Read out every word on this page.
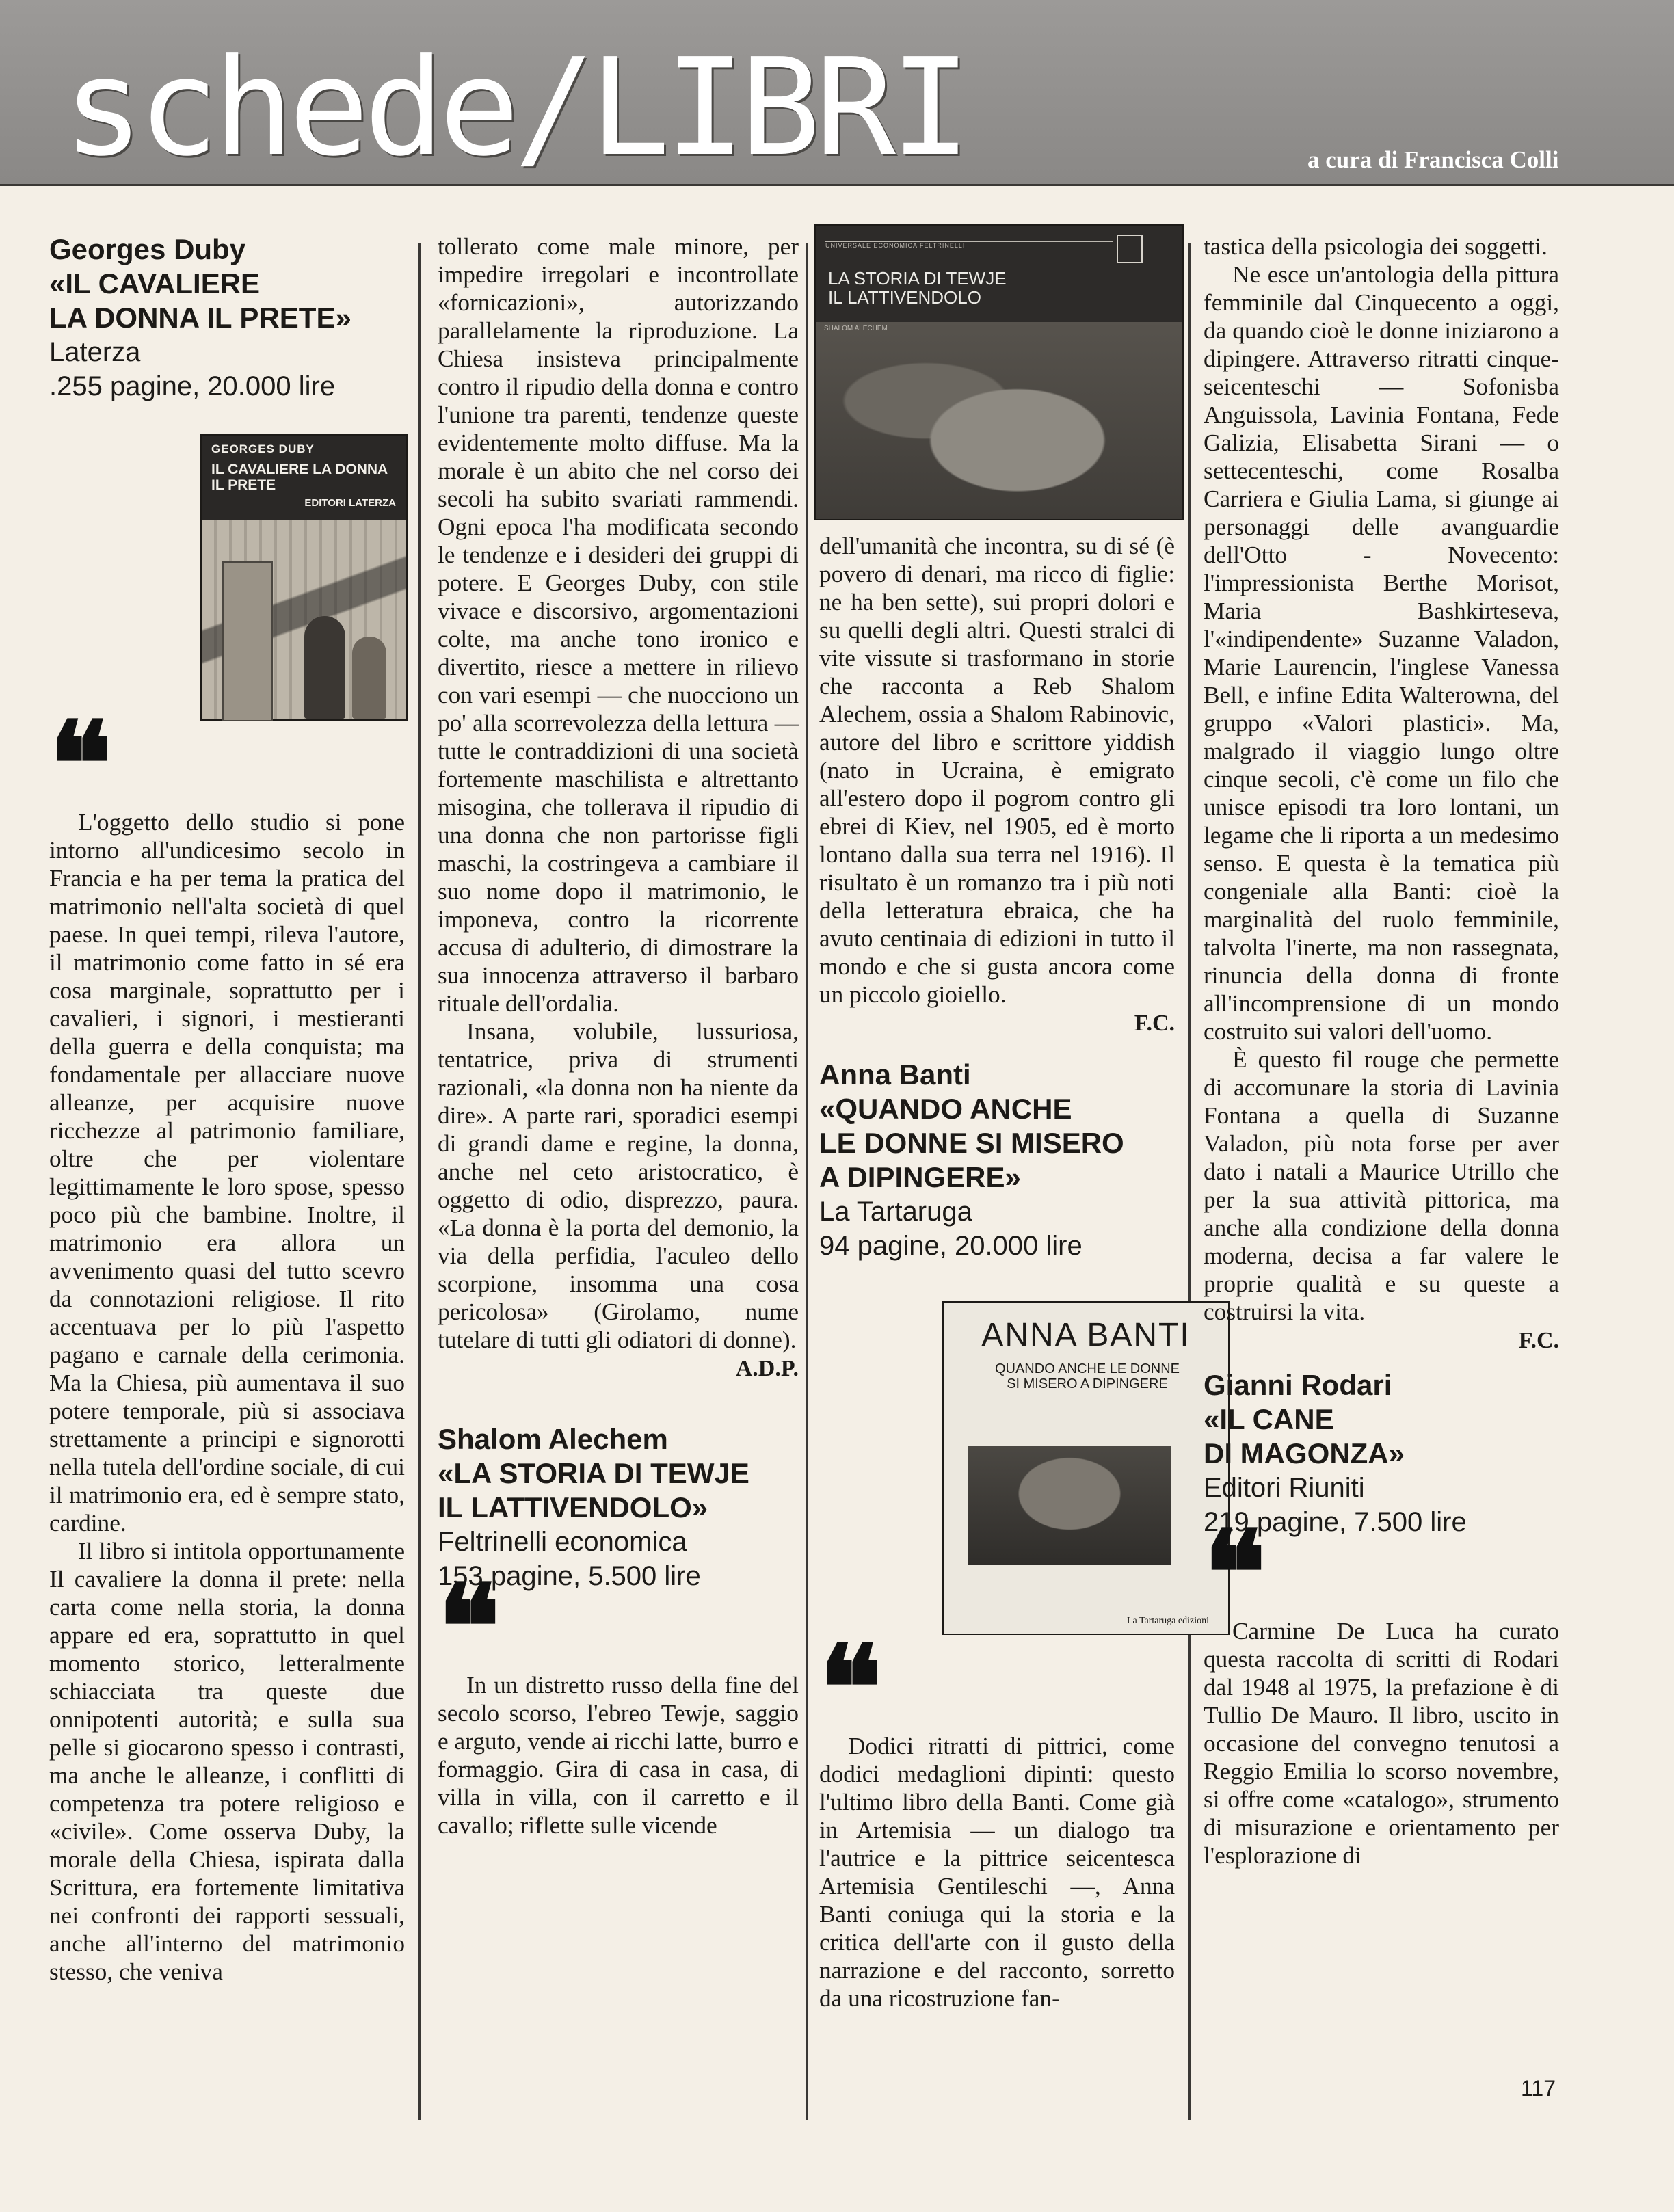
schede/LIBRI	a cura di Francisca Colli
Georges Duby
«IL CAVALIERE
LA DONNA IL PRETE»
Laterza
.255 pagine, 20.000 lire
GEORGES DUBY
IL CAVALIERE LA DONNA
IL PRETE
EDITORI LATERZA
❝

L'oggetto dello studio si pone intorno all'undicesimo secolo in Francia e ha per tema la pratica del matrimonio nell'alta società di quel paese. In quei tempi, rileva l'autore, il matrimonio come fatto in sé era cosa marginale, soprattutto per i cavalieri, i signori, i mestieranti della guerra e della conquista; ma fondamentale per allacciare nuove alleanze, per acquisire nuove ricchezze al patrimonio familiare, oltre che per violentare legittimamente le loro spose, spesso poco più che bambine. Inoltre, il matrimonio era allora un avvenimento quasi del tutto scevro da connotazioni religiose. Il rito accentuava per lo più l'aspetto pagano e carnale della cerimonia. Ma la Chiesa, più aumentava il suo potere temporale, più si associava strettamente a principi e signorotti nella tutela dell'ordine sociale, di cui il matrimonio era, ed è sempre stato, cardine.

Il libro si intitola opportunamente Il cavaliere la donna il prete: nella carta come nella storia, la donna appare ed era, soprattutto in quel momento storico, letteralmente schiacciata tra queste due onnipotenti autorità; e sulla sua pelle si giocarono spesso i contrasti, ma anche le alleanze, i conflitti di competenza tra potere religioso e «civile». Come osserva Duby, la morale della Chiesa, ispirata dalla Scrittura, era fortemente limitativa nei confronti dei rapporti sessuali, anche all'interno del matrimonio stesso, che veniva

tollerato come male minore, per impedire irregolari e incontrollate «fornicazioni», autorizzando parallelamente la riproduzione. La Chiesa insisteva principalmente contro il ripudio della donna e contro l'unione tra parenti, tendenze queste evidentemente molto diffuse. Ma la morale è un abito che nel corso dei secoli ha subito svariati rammendi. Ogni epoca l'ha modificata secondo le tendenze e i desideri dei gruppi di potere. E Georges Duby, con stile vivace e discorsivo, argomentazioni colte, ma anche tono ironico e divertito, riesce a mettere in rilievo con vari esempi — che nuocciono un po' alla scorrevolezza della lettura — tutte le contraddizioni di una società fortemente maschilista e altrettanto misogina, che tollerava il ripudio di una donna che non partorisse figli maschi, la costringeva a cambiare il suo nome dopo il matrimonio, le imponeva, contro la ricorrente accusa di adulterio, di dimostrare la sua innocenza attraverso il barbaro rituale dell'ordalia.

Insana, volubile, lussuriosa, tentatrice, priva di strumenti razionali, «la donna non ha niente da dire». A parte rari, sporadici esempi di grandi dame e regine, la donna, anche nel ceto aristocratico, è oggetto di odio, disprezzo, paura. «La donna è la porta del demonio, la via della perfidia, l'aculeo dello scorpione, insomma una cosa pericolosa» (Girolamo, nume tutelare di tutti gli odiatori di donne).

A.D.P.
Shalom Alechem
«LA STORIA DI TEWJE
IL LATTIVENDOLO»
Feltrinelli economica
153 pagine, 5.500 lire
❝

In un distretto russo della fine del secolo scorso, l'ebreo Tewje, saggio e arguto, vende ai ricchi latte, burro e formaggio. Gira di casa in casa, di villa in villa, con il carretto e il cavallo; riflette sulle vicende

UNIVERSALE ECONOMICA FELTRINELLI
LA STORIA DI TEWJE
IL LATTIVENDOLO
SHALOM ALECHEM

dell'umanità che incontra, su di sé (è povero di denari, ma ricco di figlie: ne ha ben sette), sui propri dolori e su quelli degli altri. Questi stralci di vite vissute si trasformano in storie che racconta a Reb Shalom Alechem, ossia a Shalom Rabinovic, autore del libro e scrittore yiddish (nato in Ucraina, è emigrato all'estero dopo il pogrom contro gli ebrei di Kiev, nel 1905, ed è morto lontano dalla sua terra nel 1916). Il risultato è un romanzo tra i più noti della letteratura ebraica, che ha avuto centinaia di edizioni in tutto il mondo e che si gusta ancora come un piccolo gioiello.

F.C.
Anna Banti
«QUANDO ANCHE
LE DONNE SI MISERO
A DIPINGERE»
La Tartaruga
94 pagine, 20.000 lire
ANNA BANTI
QUANDO ANCHE LE DONNE
SI MISERO A DIPINGERE
La Tartaruga edizioni
❝

Dodici ritratti di pittrici, come dodici medaglioni dipinti: questo l'ultimo libro della Banti. Come già in Artemisia — un dialogo tra l'autrice e la pittrice seicentesca Artemisia Gentileschi —, Anna Banti coniuga qui la storia e la critica dell'arte con il gusto della narrazione e del racconto, sorretto da una ricostruzione fan-

tastica della psicologia dei soggetti.

Ne esce un'antologia della pittura femminile dal Cinquecento a oggi, da quando cioè le donne iniziarono a dipingere. Attraverso ritratti cinque-seicenteschi — Sofonisba Anguissola, Lavinia Fontana, Fede Galizia, Elisabetta Sirani — o settecenteschi, come Rosalba Carriera e Giulia Lama, si giunge ai personaggi delle avanguardie dell'Otto - Novecento: l'impressionista Berthe Morisot, Maria Bashkirteseva, l'«indipendente» Suzanne Valadon, Marie Laurencin, l'inglese Vanessa Bell, e infine Edita Walterowna, del gruppo «Valori plastici». Ma, malgrado il viaggio lungo oltre cinque secoli, c'è come un filo che unisce episodi tra loro lontani, un legame che li riporta a un medesimo senso. E questa è la tematica più congeniale alla Banti: cioè la marginalità del ruolo femminile, talvolta l'inerte, ma non rassegnata, rinuncia della donna di fronte all'incomprensione di un mondo costruito sui valori dell'uomo.

È questo fil rouge che permette di accomunare la storia di Lavinia Fontana a quella di Suzanne Valadon, più nota forse per aver dato i natali a Maurice Utrillo che per la sua attività pittorica, ma anche alla condizione della donna moderna, decisa a far valere le proprie qualità e su queste a costruirsi la vita.

F.C.
Gianni Rodari
«IL CANE
DI MAGONZA»
Editori Riuniti
219 pagine, 7.500 lire
❝

Carmine De Luca ha curato questa raccolta di scritti di Rodari dal 1948 al 1975, la prefazione è di Tullio De Mauro. Il libro, uscito in occasione del convegno tenutosi a Reggio Emilia lo scorso novembre, si offre come «catalogo», strumento di misurazione e orientamento per l'esplorazione di

117
